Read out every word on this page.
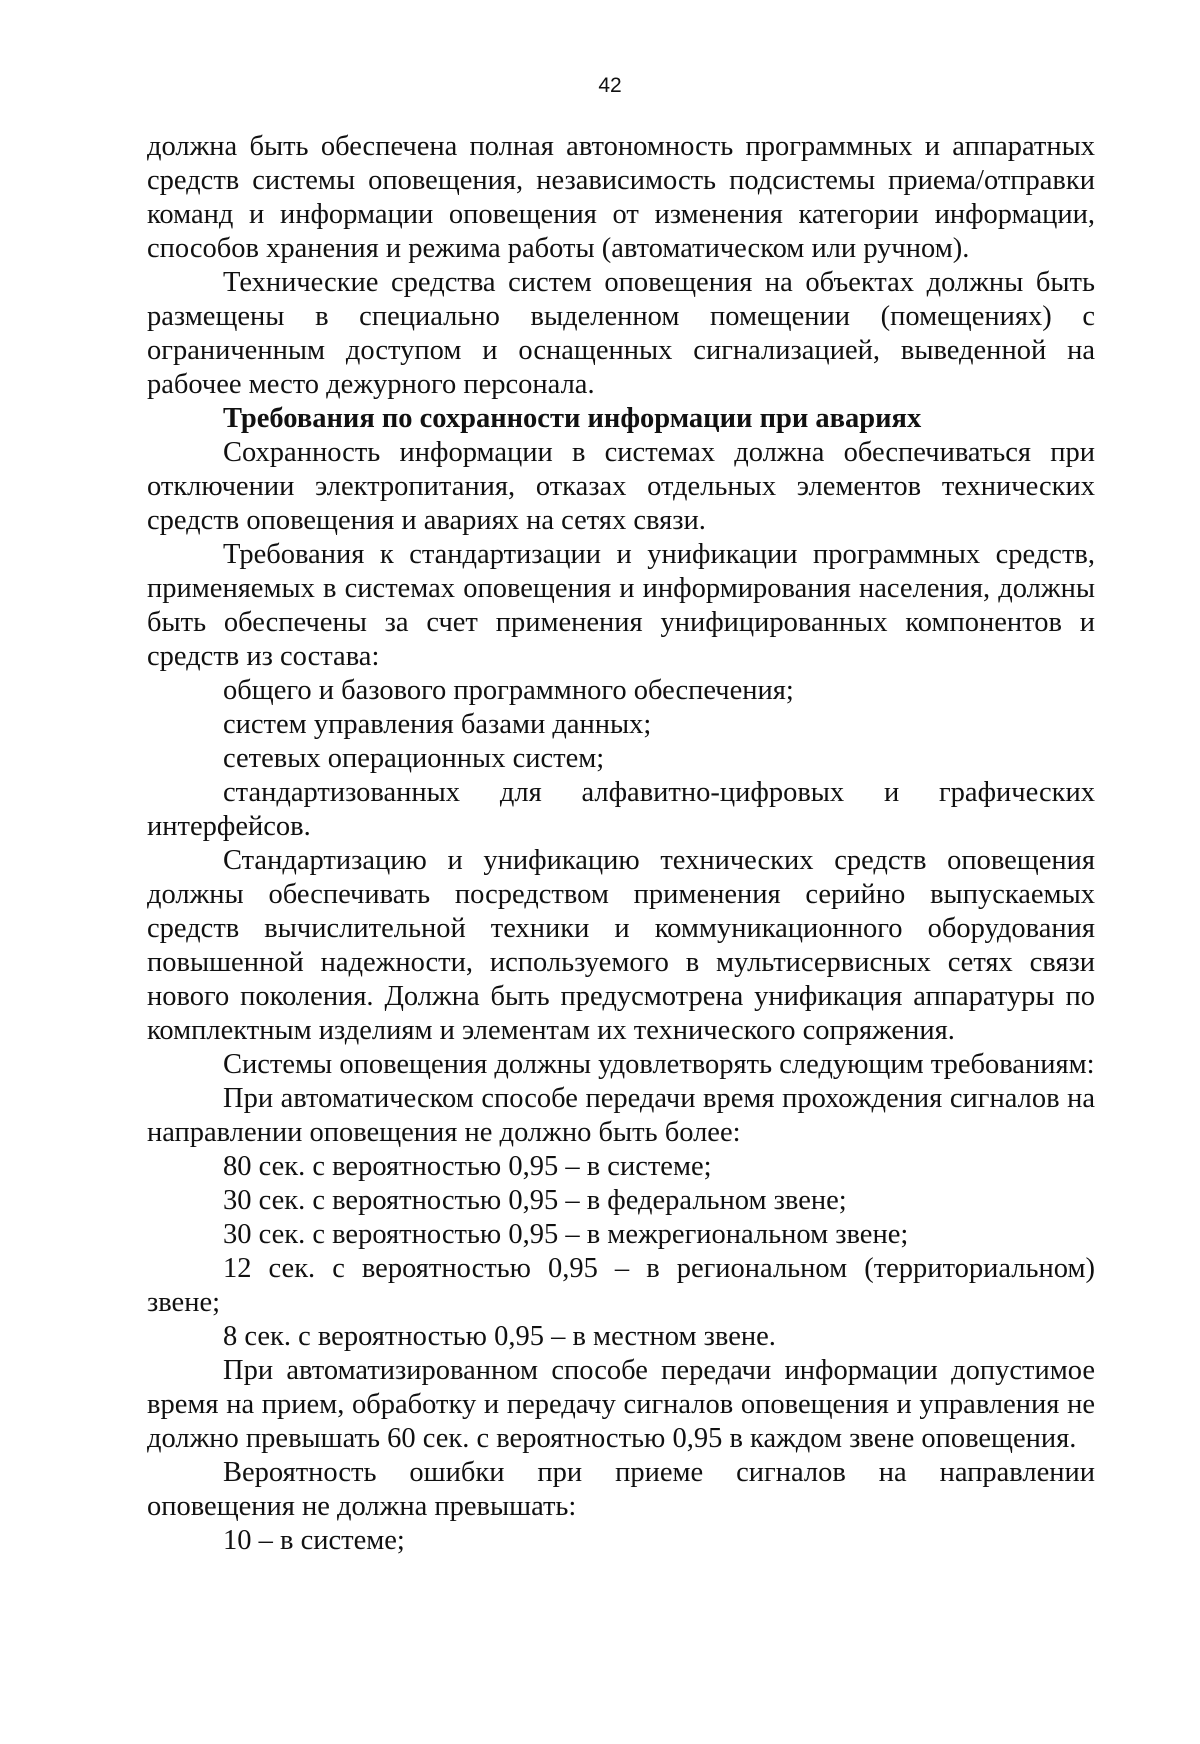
42

должна быть обеспечена полная автономность программных и аппаратных средств системы оповещения, независимость подсистемы приема/отправки команд и информации оповещения от изменения категории информации, способов хранения и режима работы (автоматическом или ручном).

Технические средства систем оповещения на объектах должны быть размещены в специально выделенном помещении (помещениях) с ограниченным доступом и оснащенных сигнализацией, выведенной на рабочее место дежурного персонала.

Требования по сохранности информации при авариях

Сохранность информации в системах должна обеспечиваться при отключении электропитания, отказах отдельных элементов технических средств оповещения и авариях на сетях связи.

Требования к стандартизации и унификации программных средств, применяемых в системах оповещения и информирования населения, должны быть обеспечены за счет применения унифицированных компонентов и средств из состава:

общего и базового программного обеспечения;

систем управления базами данных;

сетевых операционных систем;

стандартизованных для алфавитно-цифровых и графических интерфейсов.

Стандартизацию и унификацию технических средств оповещения должны обеспечивать посредством применения серийно выпускаемых средств вычислительной техники и коммуникационного оборудования повышенной надежности, используемого в мультисервисных сетях связи нового поколения. Должна быть предусмотрена унификация аппаратуры по комплектным изделиям и элементам их технического сопряжения.

Системы оповещения должны удовлетворять следующим требованиям:

При автоматическом способе передачи время прохождения сигналов на направлении оповещения не должно быть более:

80 сек. с вероятностью 0,95 – в системе;

30 сек. с вероятностью 0,95 – в федеральном звене;

30 сек. с вероятностью 0,95 – в межрегиональном звене;

12 сек. с вероятностью 0,95 – в региональном (территориальном) звене;

8 сек. с вероятностью 0,95 – в местном звене.

При автоматизированном способе передачи информации допустимое время на прием, обработку и передачу сигналов оповещения и управления не должно превышать 60 сек. с вероятностью 0,95 в каждом звене оповещения.

Вероятность ошибки при приеме сигналов на направлении оповещения не должна превышать:

10 – в системе;
